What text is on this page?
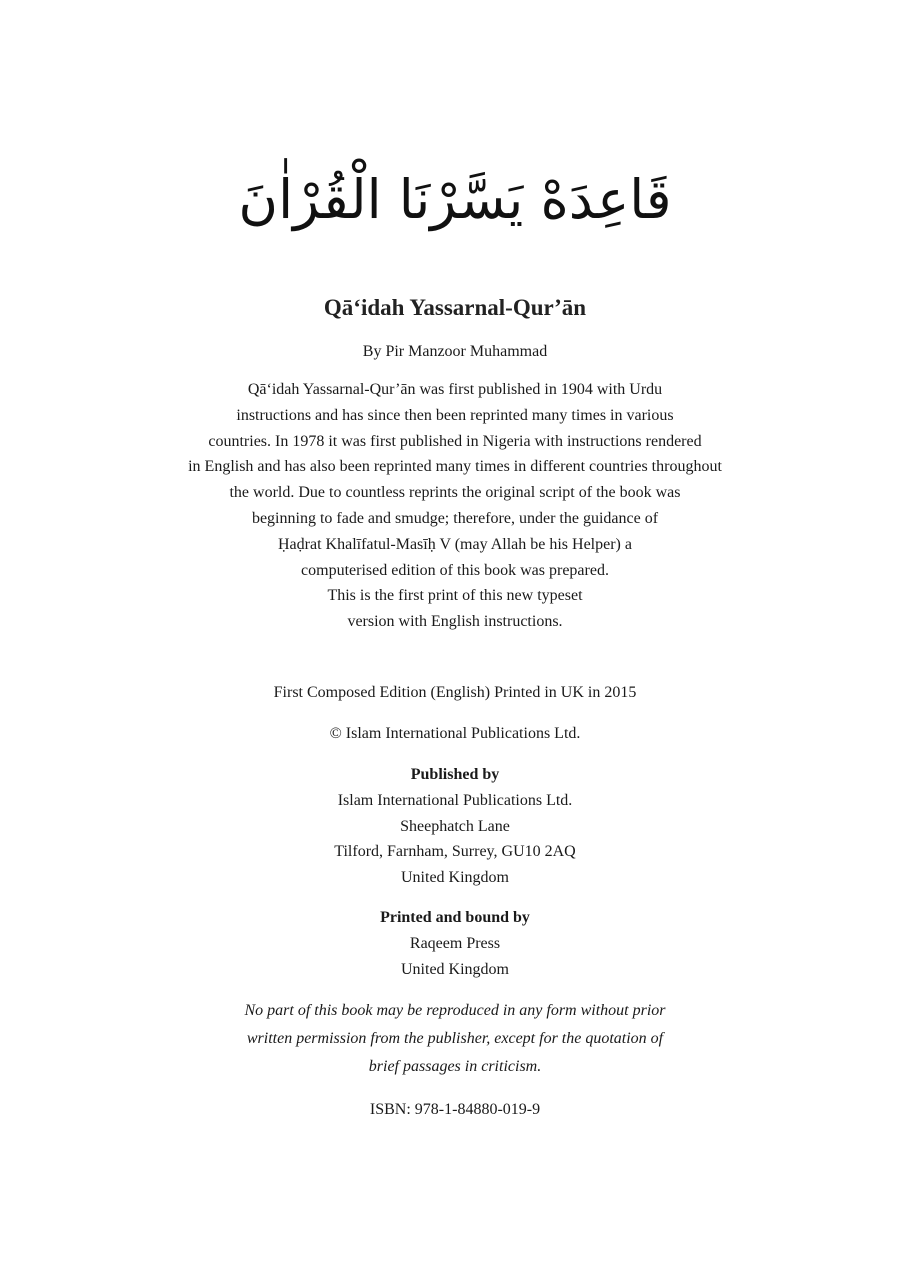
قَاعِدَهْ يَسَّرْنَا الْقُرْاٰنَ
Qā‘idah Yassarnal-Qur’ān
By Pir Manzoor Muhammad
Qā‘idah Yassarnal-Qur’ān was first published in 1904 with Urdu
instructions and has since then been reprinted many times in various
countries. In 1978 it was first published in Nigeria with instructions rendered
in English and has also been reprinted many times in different countries throughout
the world. Due to countless reprints the original script of the book was
beginning to fade and smudge; therefore, under the guidance of
Ḥaḍrat Khalīfatul-Masīḥ V (may Allah be his Helper) a
computerised edition of this book was prepared.
This is the first print of this new typeset
version with English instructions.
First Composed Edition (English) Printed in UK in 2015
© Islam International Publications Ltd.
Published by
Islam International Publications Ltd.
Sheephatch Lane
Tilford, Farnham, Surrey, GU10 2AQ
United Kingdom
Printed and bound by
Raqeem Press
United Kingdom
No part of this book may be reproduced in any form without prior
written permission from the publisher, except for the quotation of
brief passages in criticism.
ISBN: 978-1-84880-019-9
